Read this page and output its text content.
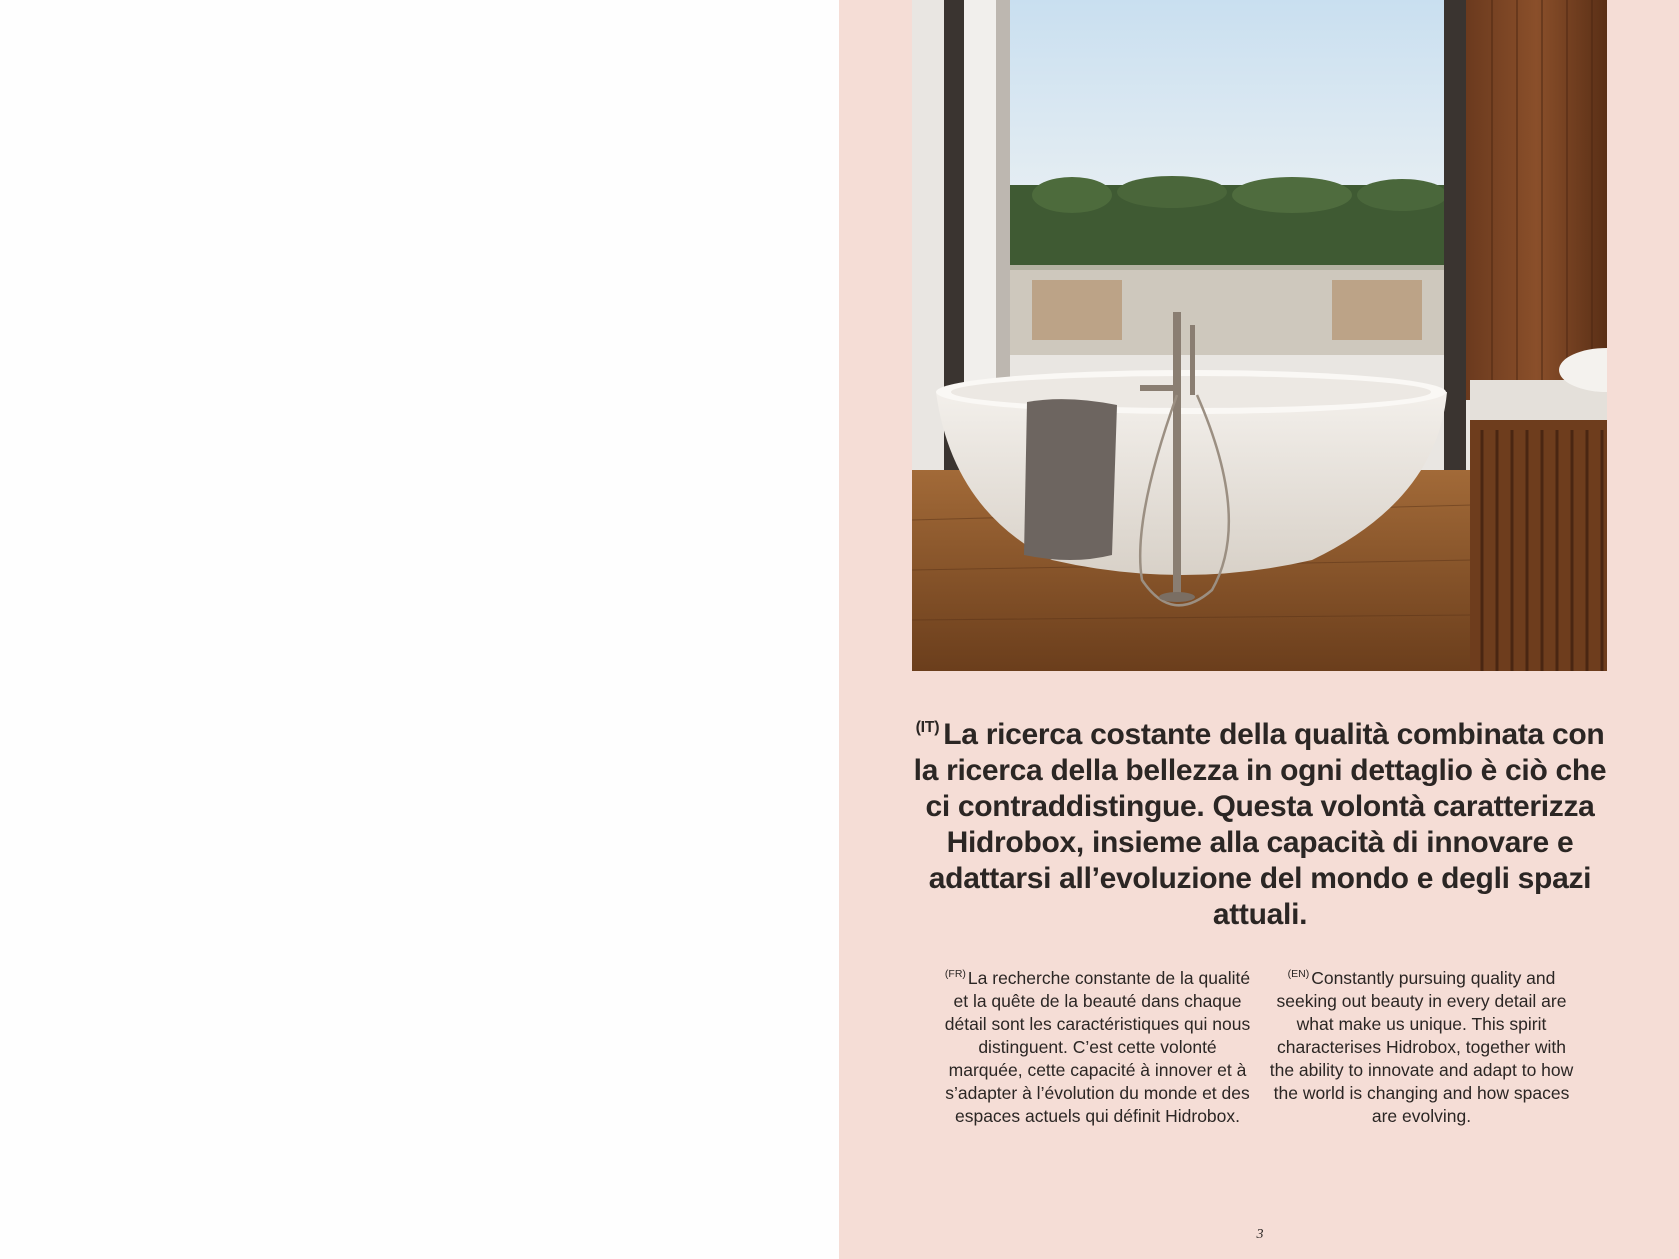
$^{(IT)}$ La ricerca costante della qualità combinata con la ricerca della bellezza in ogni dettaglio è ciò che ci contraddistingue. Questa volontà caratterizza Hidrobox, insieme alla capacità di innovare e adattarsi all’evoluzione del mondo e degli spazi attuali.

$^{(FR)}$ La recherche constante de la qualité et la quête de la beauté dans chaque détail sont les caractéristiques qui nous distinguent. C’est cette volonté marquée, cette capacité à innover et à s’adapter à l’évolution du monde et des espaces actuels qui définit Hidrobox.

$^{(EN)}$ Constantly pursuing quality and seeking out beauty in every detail are what make us unique. This spirit characterises Hidrobox, together with the ability to innovate and adapt to how the world is changing and how spaces are evolving.

3
